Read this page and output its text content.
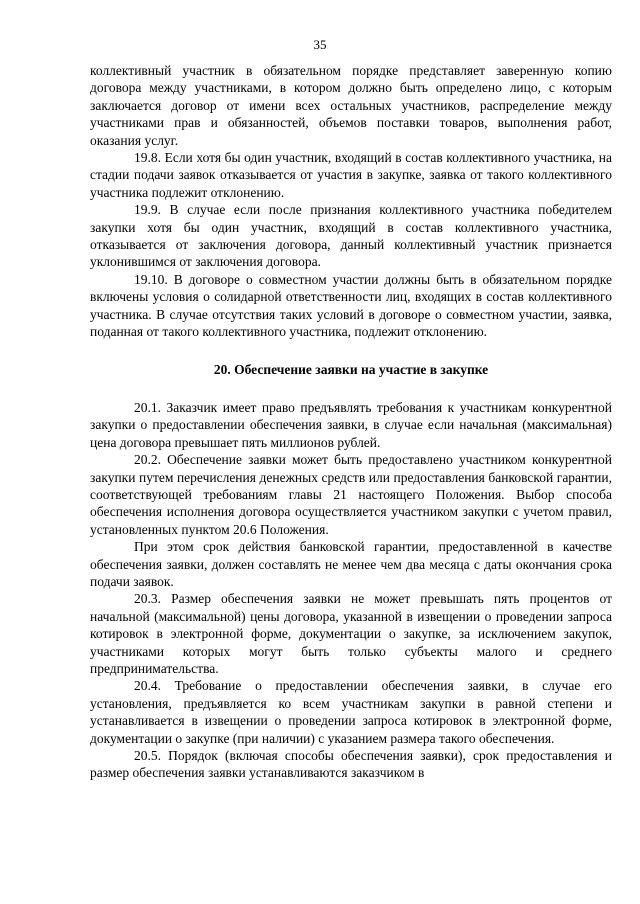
35

коллективный участник в обязательном порядке представляет заверенную копию договора между участниками, в котором должно быть определено лицо, с которым заключается договор от имени всех остальных участников, распределение между участниками прав и обязанностей, объемов поставки товаров, выполнения работ, оказания услуг.

19.8. Если хотя бы один участник, входящий в состав коллективного участника, на стадии подачи заявок отказывается от участия в закупке, заявка от такого коллективного участника подлежит отклонению.

19.9. В случае если после признания коллективного участника победителем закупки хотя бы один участник, входящий в состав коллективного участника, отказывается от заключения договора, данный коллективный участник признается уклонившимся от заключения договора.

19.10. В договоре о совместном участии должны быть в обязательном порядке включены условия о солидарной ответственности лиц, входящих в состав коллективного участника. В случае отсутствия таких условий в договоре о совместном участии, заявка, поданная от такого коллективного участника, подлежит отклонению.

20. Обеспечение заявки на участие в закупке

20.1. Заказчик имеет право предъявлять требования к участникам конкурентной закупки о предоставлении обеспечения заявки, в случае если начальная (максимальная) цена договора превышает пять миллионов рублей.

20.2. Обеспечение заявки может быть предоставлено участником конкурентной закупки путем перечисления денежных средств или предоставления банковской гарантии, соответствующей требованиям главы 21 настоящего Положения. Выбор способа обеспечения исполнения договора осуществляется участником закупки с учетом правил, установленных пунктом 20.6 Положения.

При этом срок действия банковской гарантии, предоставленной в качестве обеспечения заявки, должен составлять не менее чем два месяца с даты окончания срока подачи заявок.

20.3. Размер обеспечения заявки не может превышать пять процентов от начальной (максимальной) цены договора, указанной в извещении о проведении запроса котировок в электронной форме, документации о закупке, за исключением закупок, участниками которых могут быть только субъекты малого и среднего предпринимательства.

20.4. Требование о предоставлении обеспечения заявки, в случае его установления, предъявляется ко всем участникам закупки в равной степени и устанавливается в извещении о проведении запроса котировок в электронной форме, документации о закупке (при наличии) с указанием размера такого обеспечения.

20.5. Порядок (включая способы обеспечения заявки), срок предоставления и размер обеспечения заявки устанавливаются заказчиком в
